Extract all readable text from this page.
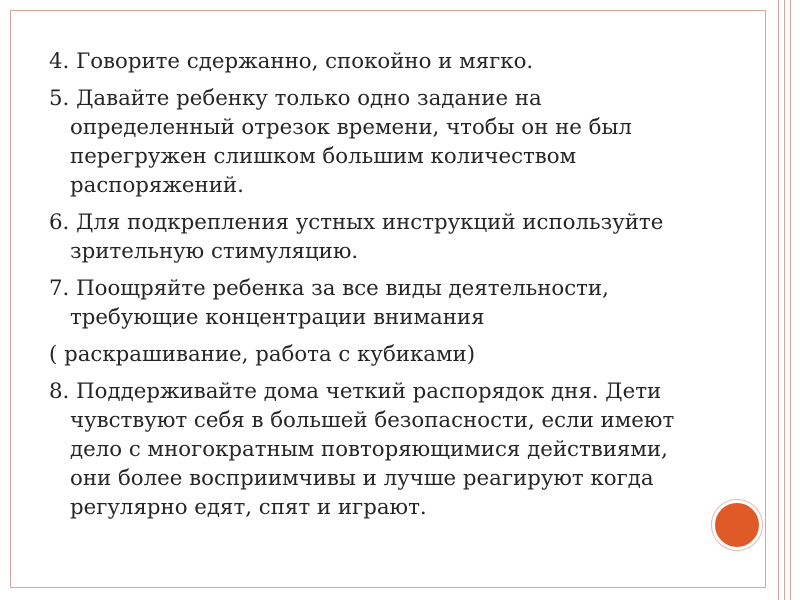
4. Говорите сдержанно, спокойно и мягко.

5. Давайте ребенку только одно задание на определенный отрезок времени, чтобы он не был перегружен слишком большим количеством распоряжений.

6. Для подкрепления устных инструкций используйте зрительную стимуляцию.

7. Поощряйте ребенка за все виды деятельности, требующие концентрации внимания

( раскрашивание, работа с кубиками)

8. Поддерживайте дома четкий распорядок дня. Дети чувствуют себя в большей безопасности, если имеют дело с многократным повторяющимися действиями, они более восприимчивы и лучше реагируют когда регулярно едят, спят и играют.
